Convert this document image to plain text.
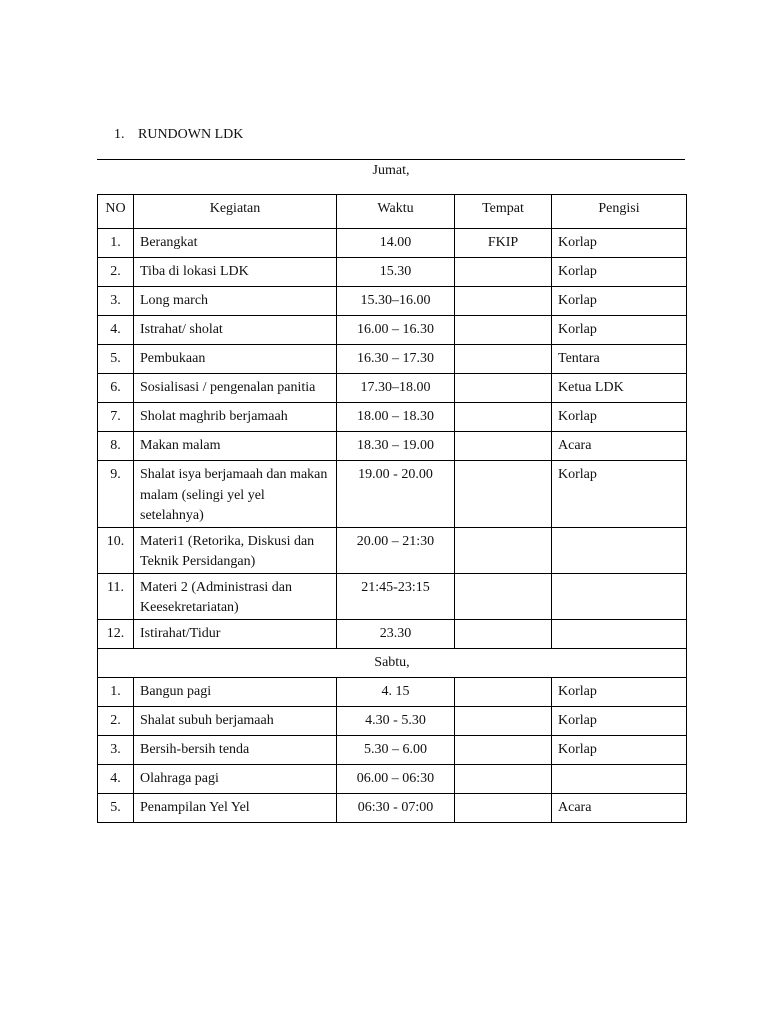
1. RUNDOWN LDK
Jumat,
NO	Kegiatan	Waktu	Tempat	Pengisi
1.	Berangkat	14.00	FKIP	Korlap
2.	Tiba di lokasi LDK	15.30		Korlap
3.	Long march	15.30–16.00		Korlap
4.	Istrahat/ sholat	16.00 – 16.30		Korlap
5.	Pembukaan	16.30 – 17.30		Tentara
6.	Sosialisasi / pengenalan panitia	17.30–18.00		Ketua LDK
7.	Sholat maghrib berjamaah	18.00 – 18.30		Korlap
8.	Makan malam	18.30 – 19.00		Acara
9.	Shalat isya berjamaah dan makan malam (selingi yel yel setelahnya)	19.00 - 20.00		Korlap
10.	Materi1 (Retorika, Diskusi dan Teknik Persidangan)	20.00 – 21:30		
11.	Materi 2 (Administrasi dan Keesekretariatan)	21:45-23:15		
12.	Istirahat/Tidur	23.30		
Sabtu,				
1.	Bangun pagi	4. 15		Korlap
2.	Shalat subuh berjamaah	4.30 - 5.30		Korlap
3.	Bersih-bersih tenda	5.30 – 6.00		Korlap
4.	Olahraga pagi	06.00 – 06:30		
5.	Penampilan Yel Yel	06:30 - 07:00		Acara
